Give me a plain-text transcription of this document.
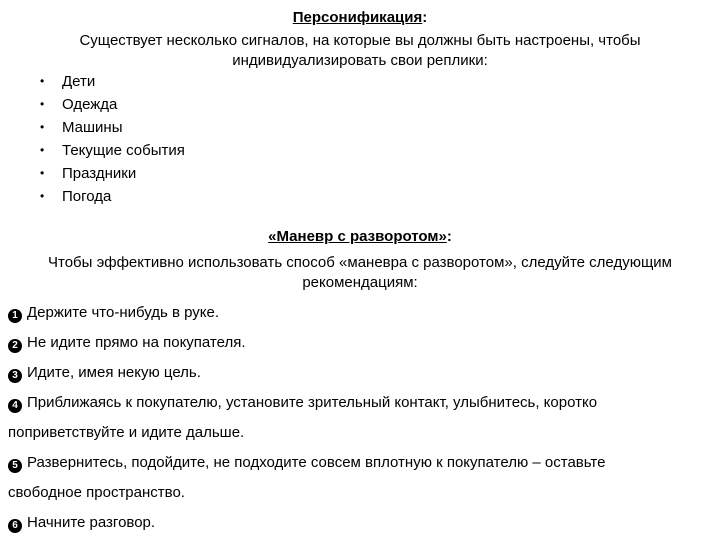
Персонификация:
Существует несколько сигналов, на которые вы должны быть настроены, чтобы индивидуализировать свои реплики:
•	Дети
•	Одежда
•	Машины
•	Текущие события
•	Праздники
•	Погода
«Маневр с разворотом»:
Чтобы эффективно использовать способ «маневра с разворотом», следуйте следующим рекомендациям:
1 Держите что-нибудь в руке.
2 Не идите прямо на покупателя.
3 Идите, имея некую цель.
4 Приближаясь к покупателю, установите зрительный контакт, улыбнитесь, коротко
поприветствуйте и идите дальше.
5 Развернитесь, подойдите, не подходите совсем вплотную к покупателю – оставьте
свободное пространство.
6 Начните разговор.
